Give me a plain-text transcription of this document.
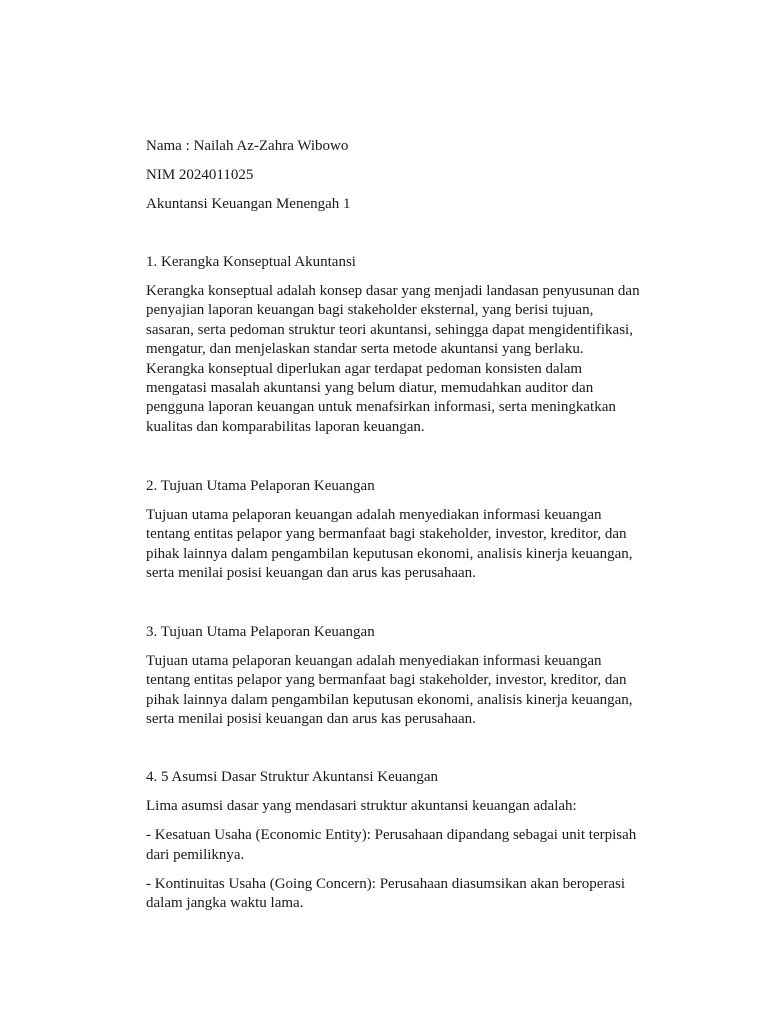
Nama : Nailah Az-Zahra Wibowo
NIM 2024011025
Akuntansi Keuangan Menengah 1
1. Kerangka Konseptual Akuntansi
Kerangka konseptual adalah konsep dasar yang menjadi landasan penyusunan dan
penyajian laporan keuangan bagi stakeholder eksternal, yang berisi tujuan,
sasaran, serta pedoman struktur teori akuntansi, sehingga dapat mengidentifikasi,
mengatur, dan menjelaskan standar serta metode akuntansi yang berlaku.
Kerangka konseptual diperlukan agar terdapat pedoman konsisten dalam
mengatasi masalah akuntansi yang belum diatur, memudahkan auditor dan
pengguna laporan keuangan untuk menafsirkan informasi, serta meningkatkan
kualitas dan komparabilitas laporan keuangan.
2. Tujuan Utama Pelaporan Keuangan
Tujuan utama pelaporan keuangan adalah menyediakan informasi keuangan
tentang entitas pelapor yang bermanfaat bagi stakeholder, investor, kreditor, dan
pihak lainnya dalam pengambilan keputusan ekonomi, analisis kinerja keuangan,
serta menilai posisi keuangan dan arus kas perusahaan.
3. Tujuan Utama Pelaporan Keuangan
Tujuan utama pelaporan keuangan adalah menyediakan informasi keuangan
tentang entitas pelapor yang bermanfaat bagi stakeholder, investor, kreditor, dan
pihak lainnya dalam pengambilan keputusan ekonomi, analisis kinerja keuangan,
serta menilai posisi keuangan dan arus kas perusahaan.
4. 5 Asumsi Dasar Struktur Akuntansi Keuangan
Lima asumsi dasar yang mendasari struktur akuntansi keuangan adalah:
- Kesatuan Usaha (Economic Entity): Perusahaan dipandang sebagai unit terpisah
dari pemiliknya.
- Kontinuitas Usaha (Going Concern): Perusahaan diasumsikan akan beroperasi
dalam jangka waktu lama.
